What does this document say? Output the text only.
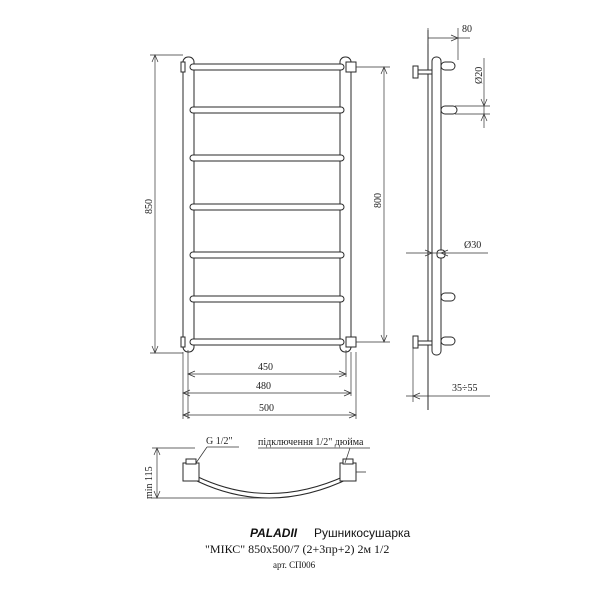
850	800
450
480
500
80
Ø20
Ø30
35÷55
min 115
G 1/2"	підключення 1/2" дюйма
PALADII Рушникосушарка
"МІКС" 850x500/7 (2+3пр+2) 2м 1/2
арт. СП006
